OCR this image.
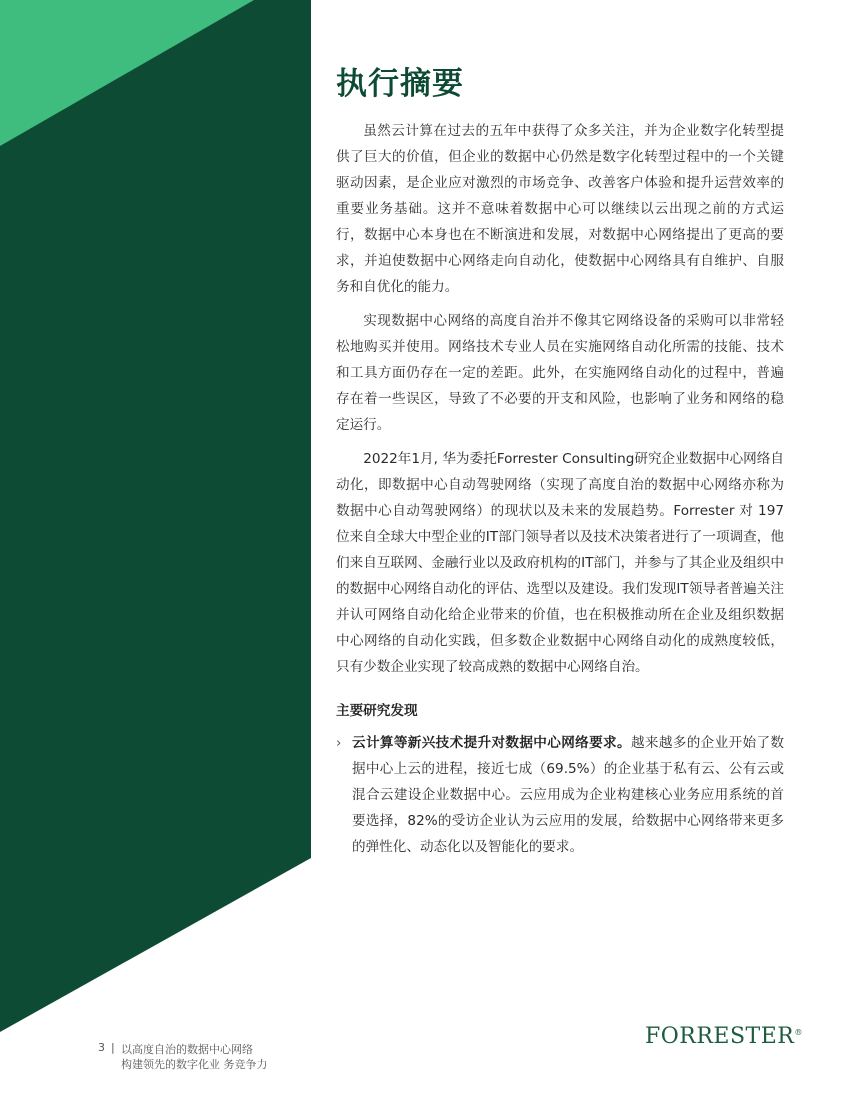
执行摘要

虽然云计算在过去的五年中获得了众多关注，并为企业数字化转型提供了巨大的价值，但企业的数据中心仍然是数字化转型过程中的一个关键驱动因素，是企业应对激烈的市场竞争、改善客户体验和提升运营效率的重要业务基础。这并不意味着数据中心可以继续以云出现之前的方式运行，数据中心本身也在不断演进和发展，对数据中心网络提出了更高的要求，并迫使数据中心网络走向自动化，使数据中心网络具有自维护、自服务和自优化的能力。

实现数据中心网络的高度自治并不像其它网络设备的采购可以非常轻松地购买并使用。网络技术专业人员在实施网络自动化所需的技能、技术和工具方面仍存在一定的差距。此外，在实施网络自动化的过程中，普遍存在着一些误区，导致了不必要的开支和风险，也影响了业务和网络的稳定运行。

2022年1月, 华为委托Forrester Consulting研究企业数据中心网络自动化，即数据中心自动驾驶网络（实现了高度自治的数据中心网络亦称为数据中心自动驾驶网络）的现状以及未来的发展趋势。Forrester 对 197 位来自全球大中型企业的IT部门领导者以及技术决策者进行了一项调查，他们来自互联网、金融行业以及政府机构的IT部门，并参与了其企业及组织中的数据中心网络自动化的评估、选型以及建设。我们发现IT领导者普遍关注并认可网络自动化给企业带来的价值，也在积极推动所在企业及组织数据中心网络的自动化实践，但多数企业数据中心网络自动化的成熟度较低，只有少数企业实现了较高成熟的数据中心网络自治。

主要研究发现
› 云计算等新兴技术提升对数据中心网络要求。越来越多的企业开始了数据中心上云的进程，接近七成（69.5%）的企业基于私有云、公有云或混合云建设企业数据中心。云应用成为企业构建核心业务应用系统的首要选择，82%的受访企业认为云应用的发展，给数据中心网络带来更多的弹性化、动态化以及智能化的要求。
3 | 以高度自治的数据中心网络
构建领先的数字化业 务竞争力
FORRESTER®
